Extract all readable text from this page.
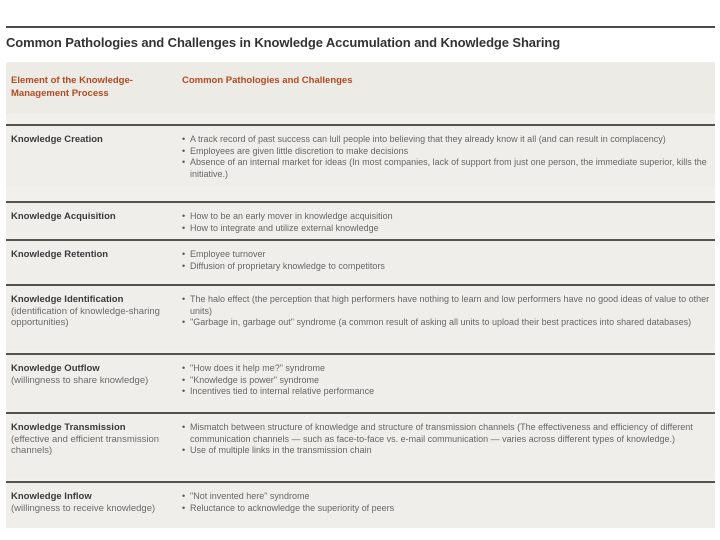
Common Pathologies and Challenges in Knowledge Accumulation and Knowledge Sharing
Element of the Knowledge-Management Process
Common Pathologies and Challenges
Knowledge Creation	• A track record of past success can lull people into believing that they already know it all (and can result in complacency)
• Employees are given little discretion to make decisions
• Absence of an internal market for ideas (In most companies, lack of support from just one person, the immediate superior, kills the initiative.)
Knowledge Acquisition	• How to be an early mover in knowledge acquisition
• How to integrate and utilize external knowledge
Knowledge Retention	• Employee turnover
• Diffusion of proprietary knowledge to competitors
Knowledge Identification
(identification of knowledge-sharing opportunities)
• The halo effect (the perception that high performers have nothing to learn and low performers have no good ideas of value to other units)
• "Garbage in, garbage out" syndrome (a common result of asking all units to upload their best practices into shared databases)
Knowledge Outflow
(willingness to share knowledge)
• "How does it help me?" syndrome
• "Knowledge is power" syndrome
• Incentives tied to internal relative performance
Knowledge Transmission
(effective and efficient transmission channels)
• Mismatch between structure of knowledge and structure of transmission channels (The effectiveness and efficiency of different communication channels — such as face-to-face vs. e-mail communication — varies across different types of knowledge.)
• Use of multiple links in the transmission chain
Knowledge Inflow
(willingness to receive knowledge)
• "Not invented here" syndrome
• Reluctance to acknowledge the superiority of peers
